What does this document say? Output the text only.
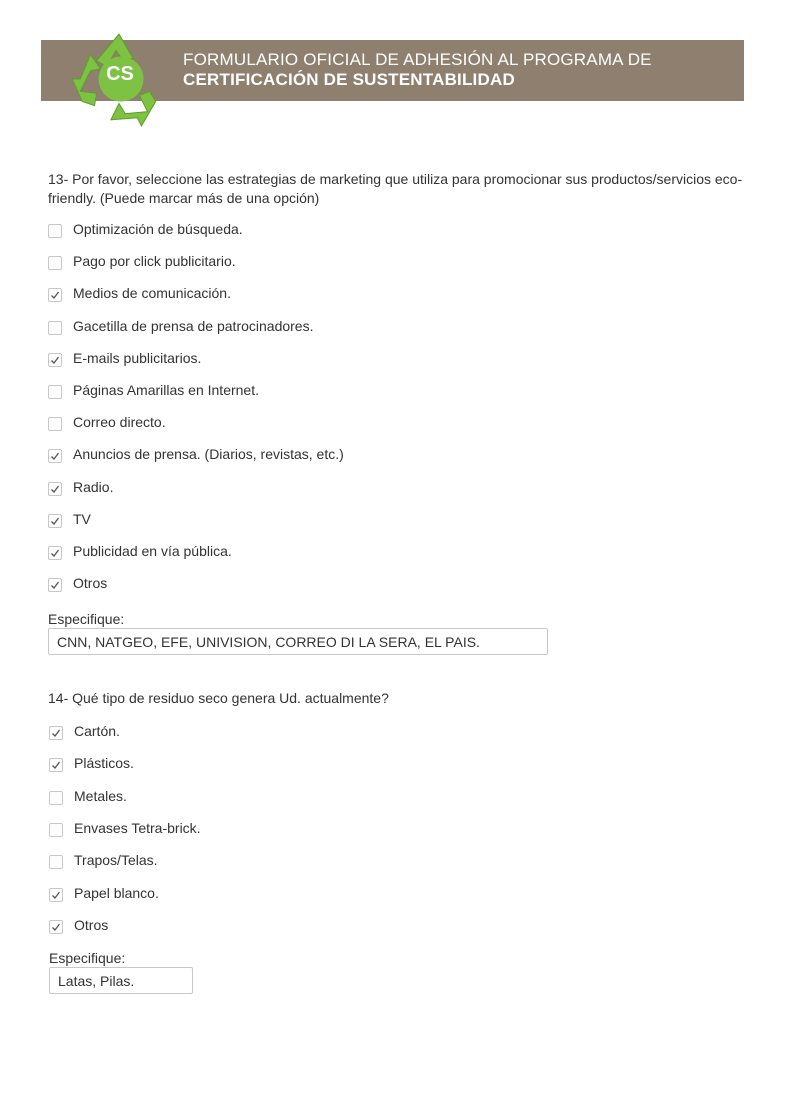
CS
FORMULARIO OFICIAL DE ADHESIÓN AL PROGRAMA DE
CERTIFICACIÓN DE SUSTENTABILIDAD
13- Por favor, seleccione las estrategias de marketing que utiliza para promocionar sus productos/servicios eco-friendly. (Puede marcar más de una opción)
Optimización de búsqueda.
Pago por click publicitario.
Medios de comunicación.
Gacetilla de prensa de patrocinadores.
E-mails publicitarios.
Páginas Amarillas en Internet.
Correo directo.
Anuncios de prensa. (Diarios, revistas, etc.)
Radio.
TV
Publicidad en vía pública.
Otros
Especifique:
CNN, NATGEO, EFE, UNIVISION, CORREO DI LA SERA, EL PAIS.
14- Qué tipo de residuo seco genera Ud. actualmente?
Cartón.
Plásticos.
Metales.
Envases Tetra-brick.
Trapos/Telas.
Papel blanco.
Otros
Especifique:
Latas, Pilas.
